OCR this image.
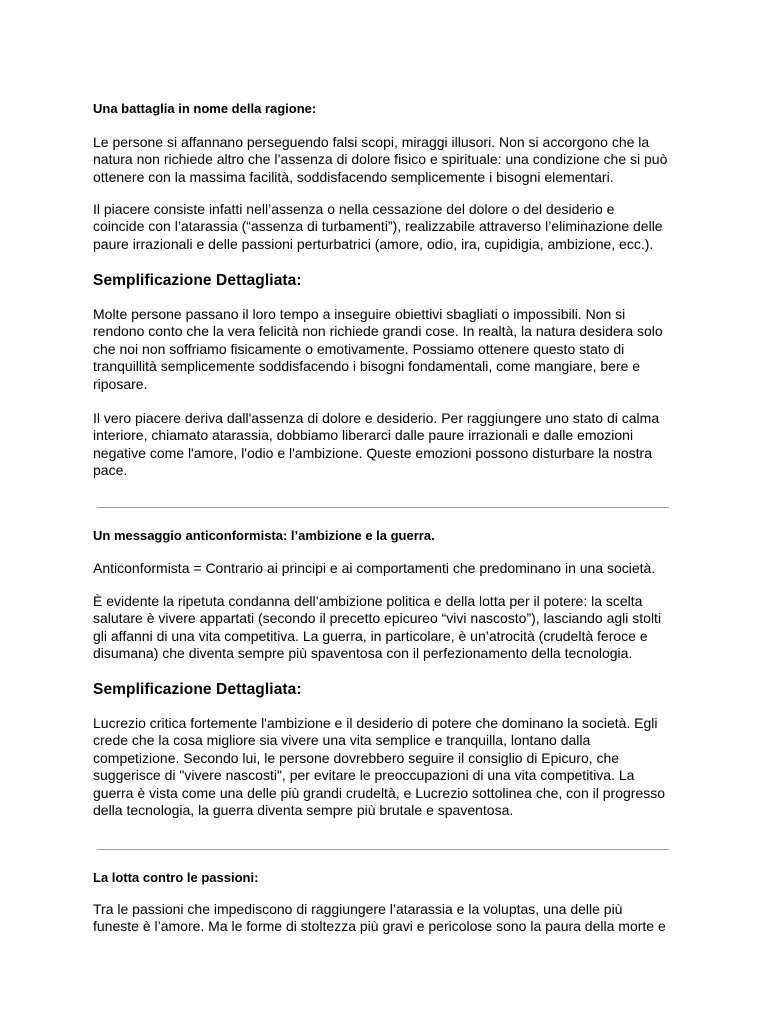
Una battaglia in nome della ragione:

Le persone si affannano perseguendo falsi scopi, miraggi illusori. Non si accorgono che la
natura non richiede altro che l’assenza di dolore fisico e spirituale: una condizione che si può
ottenere con la massima facilità, soddisfacendo semplicemente i bisogni elementari.

Il piacere consiste infatti nell’assenza o nella cessazione del dolore o del desiderio e
coincide con l’atarassia (“assenza di turbamenti”), realizzabile attraverso l’eliminazione delle
paure irrazionali e delle passioni perturbatrici (amore, odio, ira, cupidigia, ambizione, ecc.).

Semplificazione Dettagliata:

Molte persone passano il loro tempo a inseguire obiettivi sbagliati o impossibili. Non si
rendono conto che la vera felicità non richiede grandi cose. In realtà, la natura desidera solo
che noi non soffriamo fisicamente o emotivamente. Possiamo ottenere questo stato di
tranquillità semplicemente soddisfacendo i bisogni fondamentali, come mangiare, bere e
riposare.

Il vero piacere deriva dall'assenza di dolore e desiderio. Per raggiungere uno stato di calma
interiore, chiamato atarassia, dobbiamo liberarci dalle paure irrazionali e dalle emozioni
negative come l'amore, l'odio e l'ambizione. Queste emozioni possono disturbare la nostra
pace.

Un messaggio anticonformista: l’ambizione e la guerra.

Anticonformista = Contrario ai principi e ai comportamenti che predominano in una società.

È evidente la ripetuta condanna dell’ambizione politica e della lotta per il potere: la scelta
salutare è vivere appartati (secondo il precetto epicureo “vivi nascosto”), lasciando agli stolti
gli affanni di una vita competitiva. La guerra, in particolare, è un’atrocità (crudeltà feroce e
disumana) che diventa sempre più spaventosa con il perfezionamento della tecnologia.

Semplificazione Dettagliata:

Lucrezio critica fortemente l'ambizione e il desiderio di potere che dominano la società. Egli
crede che la cosa migliore sia vivere una vita semplice e tranquilla, lontano dalla
competizione. Secondo lui, le persone dovrebbero seguire il consiglio di Epicuro, che
suggerisce di "vivere nascosti", per evitare le preoccupazioni di una vita competitiva. La
guerra è vista come una delle più grandi crudeltà, e Lucrezio sottolinea che, con il progresso
della tecnologia, la guerra diventa sempre più brutale e spaventosa.

La lotta contro le passioni:

Tra le passioni che impediscono di raggiungere l’atarassia e la voluptas, una delle più
funeste è l’amore. Ma le forme di stoltezza più gravi e pericolose sono la paura della morte e
